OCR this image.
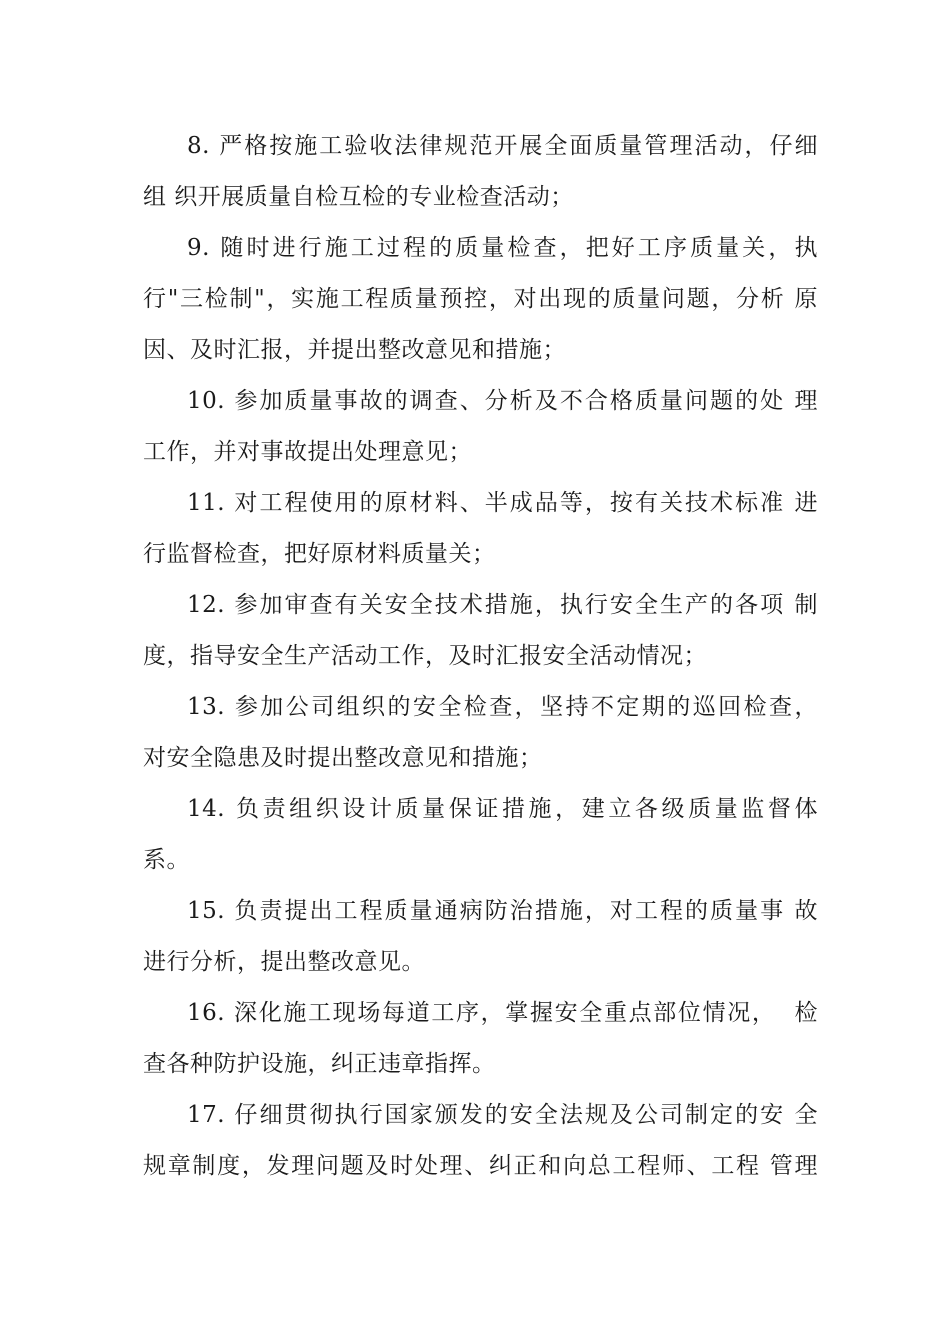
8. 严格按施工验收法律规范开展全面质量管理活动，仔细
组 织开展质量自检互检的专业检查活动；
9. 随时进行施工过程的质量检查，把好工序质量关，执
行"三检制"，实施工程质量预控，对出现的质量问题，分析 原
因、及时汇报，并提出整改意见和措施；
10. 参加质量事故的调查、分析及不合格质量问题的处 理
工作，并对事故提出处理意见；
11. 对工程使用的原材料、半成品等，按有关技术标准 进
行监督检查，把好原材料质量关；
12. 参加审查有关安全技术措施，执行安全生产的各项 制
度，指导安全生产活动工作，及时汇报安全活动情况；
13. 参加公司组织的安全检查，坚持不定期的巡回检查，
对安全隐患及时提出整改意见和措施；
14. 负责组织设计质量保证措施，建立各级质量监督体
系。
15. 负责提出工程质量通病防治措施，对工程的质量事 故
进行分析，提出整改意见。
16. 深化施工现场每道工序，掌握安全重点部位情况，  检
查各种防护设施，纠正违章指挥。
17. 仔细贯彻执行国家颁发的安全法规及公司制定的安 全
规章制度，发理问题及时处理、纠正和向总工程师、工程 管理
